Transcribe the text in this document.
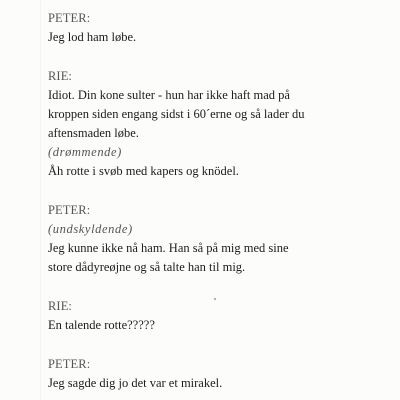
PETER:
Jeg lod ham løbe.
RIE:
Idiot. Din kone sulter - hun har ikke haft mad på
kroppen siden engang sidst i 60´erne og så lader du
aftensmaden løbe.
(drømmende)
Åh rotte i svøb med kapers og knödel.
PETER:
(undskyldende)
Jeg kunne ikke nå ham. Han så på mig med sine
store dådyreøjne og så talte han til mig.
RIE:
En talende rotte?????
PETER:
Jeg sagde dig jo det var et mirakel.
